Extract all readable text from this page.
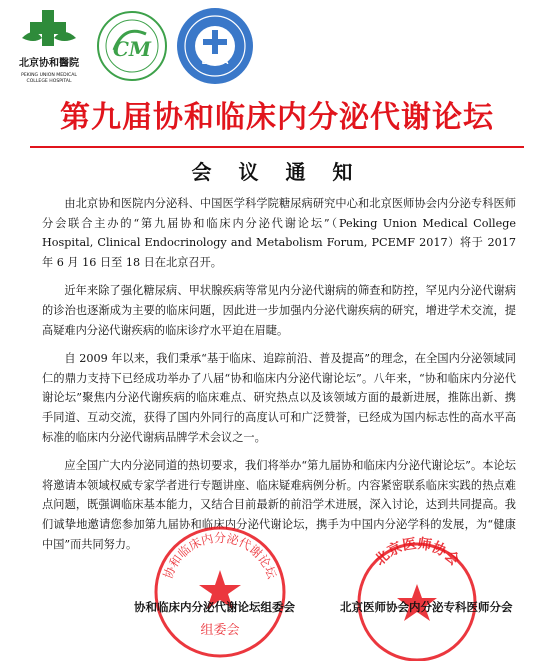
北京协和醫院
PEKING UNION MEDICAL
COLLEGE HOSPITAL
CM
BMDA
第九届协和临床内分泌代谢论坛
会 议 通 知

由北京协和医院内分泌科、中国医学科学院糖尿病研究中心和北京医师协会内分泌专科医师分会联合主办的“第九届协和临床内分泌代谢论坛”（Peking Union Medical College Hospital, Clinical Endocrinology and Metabolism Forum, PCEMF 2017）将于 2017 年 6 月 16 日至 18 日在北京召开。

近年来除了强化糖尿病、甲状腺疾病等常见内分泌代谢病的筛查和防控，罕见内分泌代谢病的诊治也逐渐成为主要的临床问题，因此进一步加强内分泌代谢疾病的研究，增进学术交流，提高疑难内分泌代谢疾病的临床诊疗水平迫在眉睫。

自 2009 年以来，我们秉承“基于临床、追踪前沿、普及提高”的理念，在全国内分泌领域同仁的鼎力支持下已经成功举办了八届“协和临床内分泌代谢论坛”。八年来，“协和临床内分泌代谢论坛”聚焦内分泌代谢疾病的临床难点、研究热点以及该领域方面的最新进展，推陈出新、携手同道、互动交流，获得了国内外同行的高度认可和广泛赞誉，已经成为国内标志性的高水平高标准的临床内分泌代谢病品牌学术会议之一。

应全国广大内分泌同道的热切要求，我们将举办“第九届协和临床内分泌代谢论坛”。本论坛将邀请本领域权威专家学者进行专题讲座、临床疑难病例分析。内容紧密联系临床实践的热点难点问题，既强调临床基本能力，又结合目前最新的前沿学术进展，深入讨论，达到共同提高。我们诚挚地邀请您参加第九届协和临床内分泌代谢论坛，携手为中国内分泌学科的发展，为“健康中国”而共同努力。

协和临床内分泌代谢论坛
组委会
北京医师协会
协和临床内分泌代谢论坛组委会	北京医师协会内分泌专科医师分会
